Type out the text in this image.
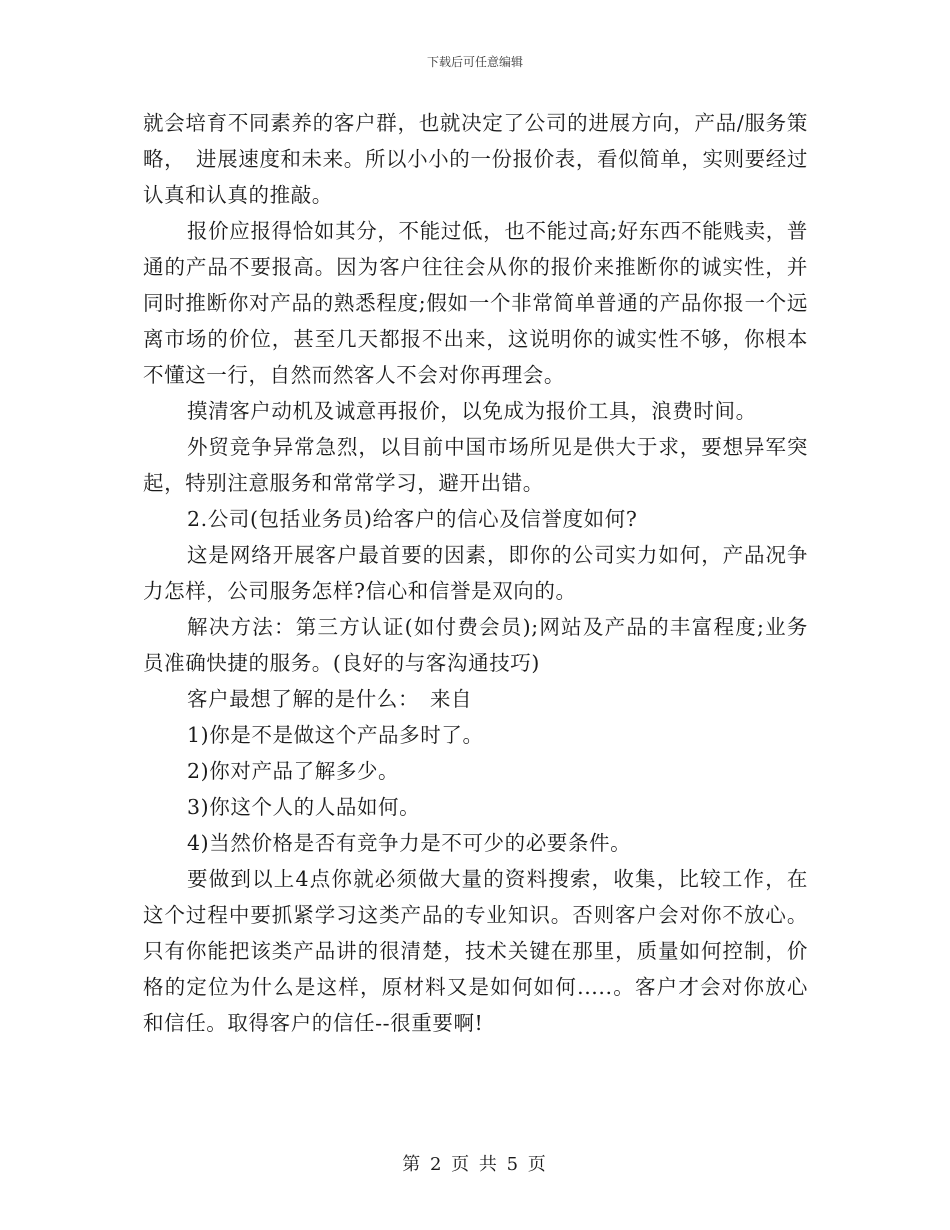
下载后可任意编辑

就会培育不同素养的客户群，也就决定了公司的进展方向，产品/服务策略，　进展速度和未来。所以小小的一份报价表，看似简单，实则要经过认真和认真的推敲。

报价应报得恰如其分，不能过低，也不能过高;好东西不能贱卖，普通的产品不要报高。因为客户往往会从你的报价来推断你的诚实性，并同时推断你对产品的熟悉程度;假如一个非常简单普通的产品你报一个远离市场的价位，甚至几天都报不出来，这说明你的诚实性不够，你根本不懂这一行，自然而然客人不会对你再理会。

摸清客户动机及诚意再报价，以免成为报价工具，浪费时间。

外贸竞争异常急烈，以目前中国市场所见是供大于求，要想异军突起，特别注意服务和常常学习，避开出错。

2.公司(包括业务员)给客户的信心及信誉度如何?

这是网络开展客户最首要的因素，即你的公司实力如何，产品况争力怎样，公司服务怎样?信心和信誉是双向的。

解决方法：第三方认证(如付费会员);网站及产品的丰富程度;业务员准确快捷的服务。(良好的与客沟通技巧)

客户最想了解的是什么：　来自

1)你是不是做这个产品多时了。

2)你对产品了解多少。

3)你这个人的人品如何。

4)当然价格是否有竞争力是不可少的必要条件。

要做到以上4点你就必须做大量的资料搜索，收集，比较工作，在这个过程中要抓紧学习这类产品的专业知识。否则客户会对你不放心。只有你能把该类产品讲的很清楚，技术关键在那里，质量如何控制，价格的定位为什么是这样，原材料又是如何如何.....。客户才会对你放心和信任。取得客户的信任--很重要啊!

第 2 页 共 5 页
